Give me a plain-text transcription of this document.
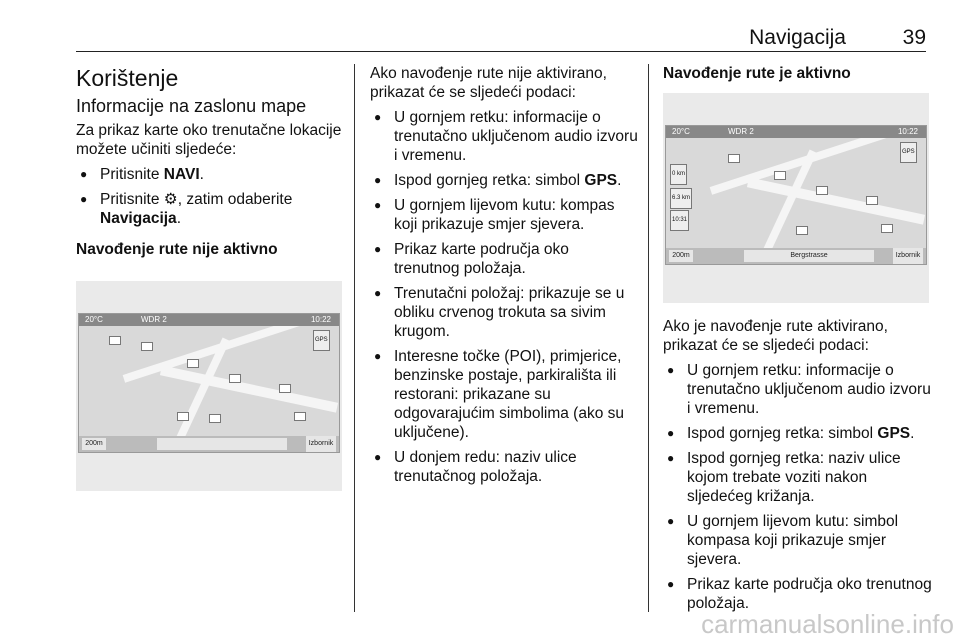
Navigacija	39
Korištenje
Informacije na zaslonu mape

Za prikaz karte oko trenutačne lokacije možete učiniti sljedeće:

● Pritisnite NAVI.
● Pritisnite ⚙, zatim odaberite Navigacija.
Navođenje rute nije aktivno
GPS
20°C	WDR 2	10:22
200m	Izbornik

Ako navođenje rute nije aktivirano, prikazat će se sljedeći podaci:

● U gornjem retku: informacije o trenutačno uključenom audio izvoru i vremenu.
● Ispod gornjeg retka: simbol GPS.
● U gornjem lijevom kutu: kompas koji prikazuje smjer sjevera.
● Prikaz karte područja oko trenutnog položaja.
● Trenutačni položaj: prikazuje se u obliku crvenog trokuta sa sivim krugom.
● Interesne točke (POI), primjerice, benzinske postaje, parkirališta ili restorani: prikazane su odgovarajućim simbolima (ako su uključene).
● U donjem redu: naziv ulice trenutačnog položaja.
Navođenje rute je aktivno
GPS
0 km
6.3 km
10:31
20°C	WDR 2	10:22
200m	Bergstrasse	Izbornik

Ako je navođenje rute aktivirano, prikazat će se sljedeći podaci:

● U gornjem retku: informacije o trenutačno uključenom audio izvoru i vremenu.
● Ispod gornjeg retka: simbol GPS.
● Ispod gornjeg retka: naziv ulice kojom trebate voziti nakon sljedećeg križanja.
● U gornjem lijevom kutu: simbol kompasa koji prikazuje smjer sjevera.
● Prikaz karte područja oko trenutnog položaja.
carmanualsonline.info
